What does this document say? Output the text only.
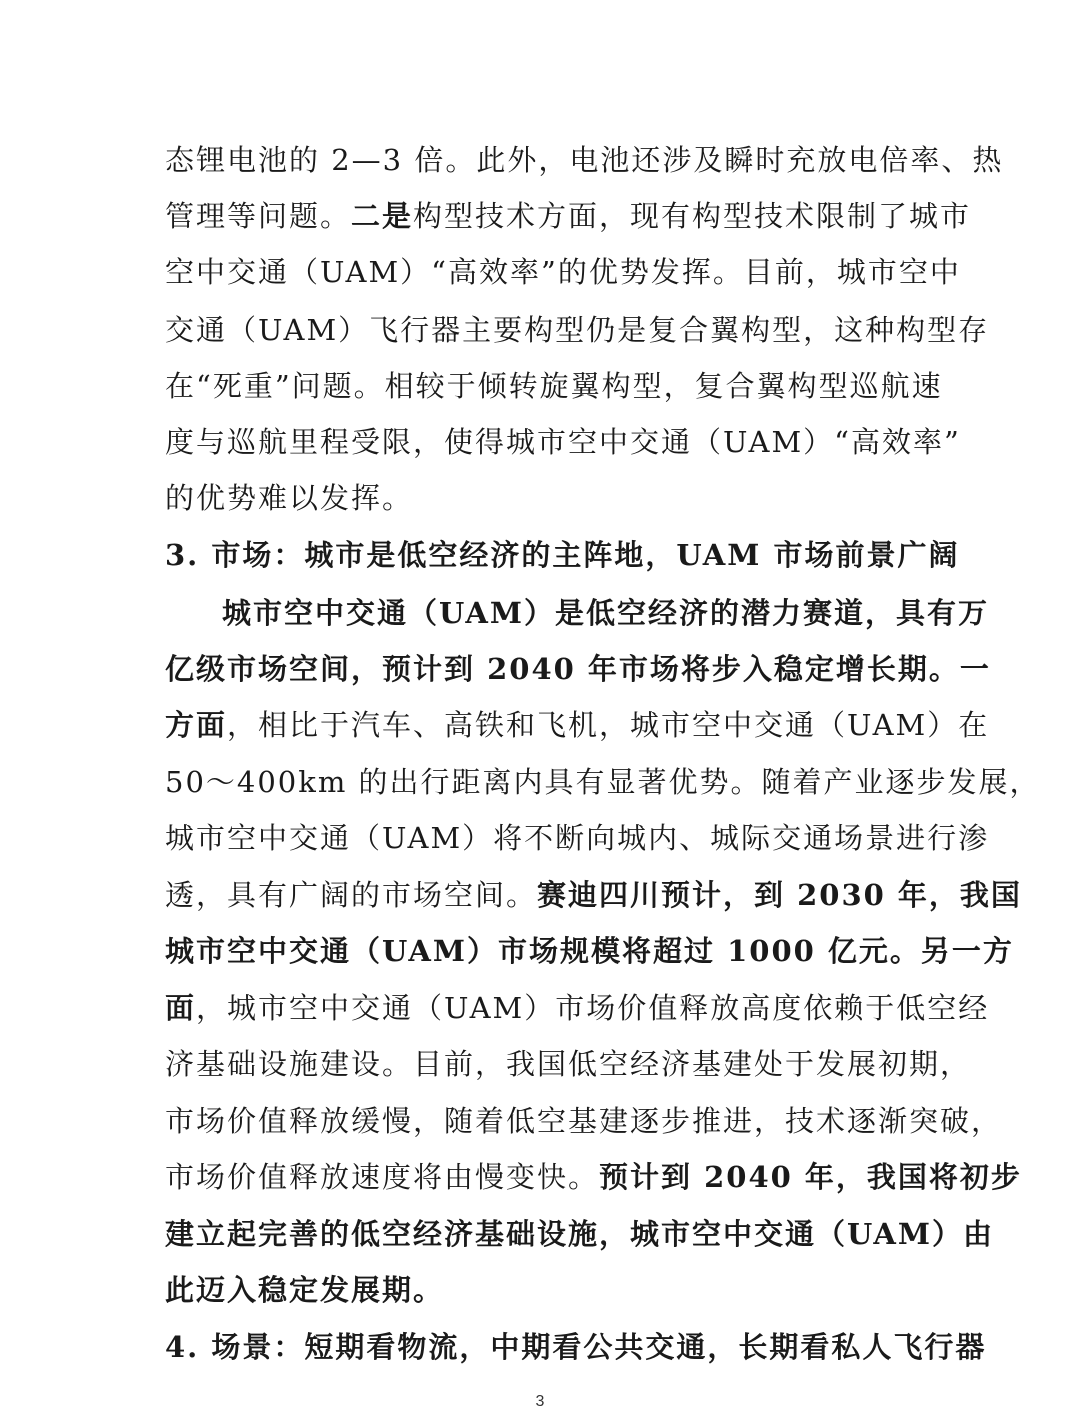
态锂电池的 2—3 倍。此外，电池还涉及瞬时充放电倍率、热
管理等问题。二是构型技术方面，现有构型技术限制了城市
空中交通（UAM）“高效率”的优势发挥。目前，城市空中
交通（UAM）飞行器主要构型仍是复合翼构型，这种构型存
在“死重”问题。相较于倾转旋翼构型，复合翼构型巡航速
度与巡航里程受限，使得城市空中交通（UAM）“高效率”
的优势难以发挥。
3. 市场：城市是低空经济的主阵地，UAM 市场前景广阔
城市空中交通（UAM）是低空经济的潜力赛道，具有万
亿级市场空间，预计到 2040 年市场将步入稳定增长期。一
方面，相比于汽车、高铁和飞机，城市空中交通（UAM）在
50～400km 的出行距离内具有显著优势。随着产业逐步发展，
城市空中交通（UAM）将不断向城内、城际交通场景进行渗
透，具有广阔的市场空间。赛迪四川预计，到 2030 年，我国
城市空中交通（UAM）市场规模将超过 1000 亿元。另一方
面，城市空中交通（UAM）市场价值释放高度依赖于低空经
济基础设施建设。目前，我国低空经济基建处于发展初期，
市场价值释放缓慢，随着低空基建逐步推进，技术逐渐突破，
市场价值释放速度将由慢变快。预计到 2040 年，我国将初步
建立起完善的低空经济基础设施，城市空中交通（UAM）由
此迈入稳定发展期。
4. 场景：短期看物流，中期看公共交通，长期看私人飞行器
3
